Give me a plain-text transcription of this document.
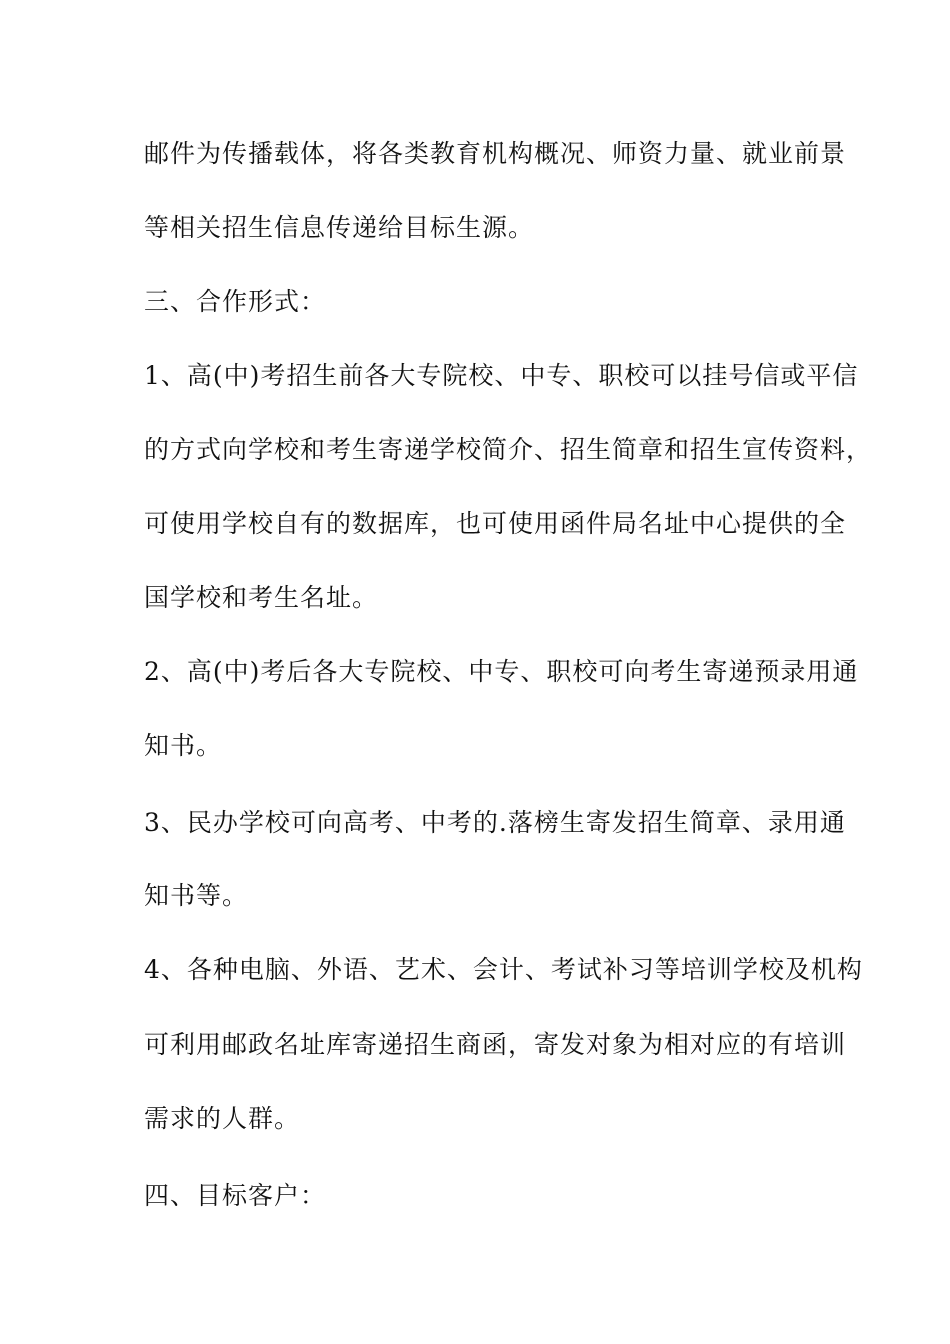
邮件为传播载体，将各类教育机构概况、师资力量、就业前景
等相关招生信息传递给目标生源。
三、合作形式：
1、高(中)考招生前各大专院校、中专、职校可以挂号信或平信
的方式向学校和考生寄递学校简介、招生简章和招生宣传资料，
可使用学校自有的数据库，也可使用函件局名址中心提供的全
国学校和考生名址。
2、高(中)考后各大专院校、中专、职校可向考生寄递预录用通
知书。
3、民办学校可向高考、中考的.落榜生寄发招生简章、录用通
知书等。
4、各种电脑、外语、艺术、会计、考试补习等培训学校及机构
可利用邮政名址库寄递招生商函，寄发对象为相对应的有培训
需求的人群。
四、目标客户：
